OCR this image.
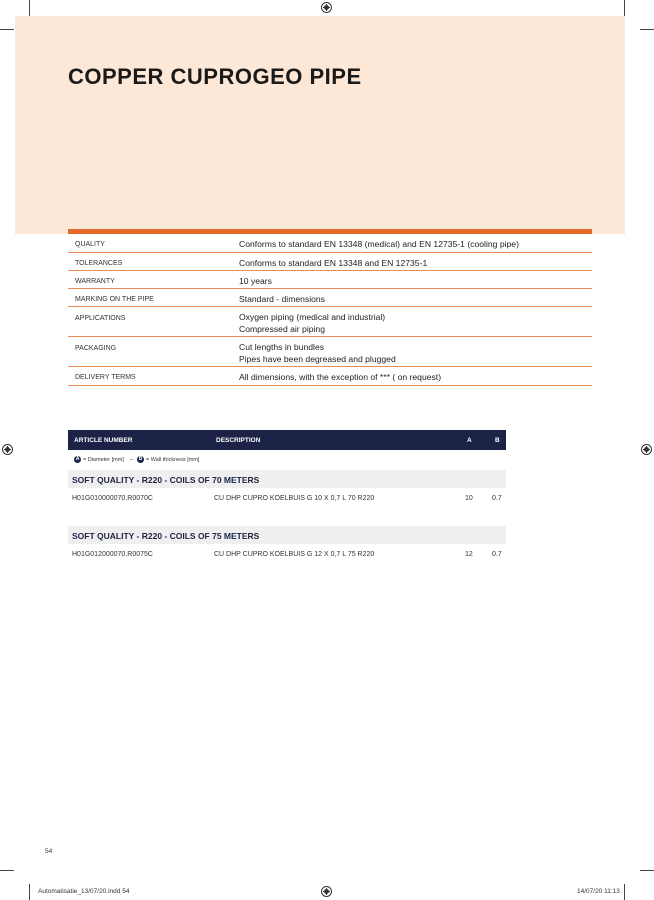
COPPER CUPROGEO PIPE
QUALITY	Conforms to standard EN 13348 (medical) and EN 12735-1 (cooling pipe)
TOLERANCES	Conforms to standard EN 13348 and EN 12735-1
WARRANTY	10 years
MARKING ON THE PIPE	Standard - dimensions
APPLICATIONS	Oxygen piping (medical and industrial)
Compressed air piping
PACKAGING	Cut lengths in bundles
Pipes have been degreased and plugged
DELIVERY TERMS	All dimensions, with the exception of *** ( on request)
ARTICLE NUMBER	DESCRIPTION	A	B
A = Diameter [mm] –	B = Wall thickness [mm]
SOFT QUALITY - R220 - COILS OF 70 METERS
H01G010000070.R0070C	CU DHP CUPRO KOELBUIS G 10 X 0,7 L 70 R220	10	0.7
SOFT QUALITY - R220 - COILS OF 75 METERS
H01G012000070.R0075C	CU DHP CUPRO KOELBUIS G 12 X 0,7 L 75 R220	12	0.7
54
Automatisatie_13/07/20.indd 54	14/07/20 11:13
